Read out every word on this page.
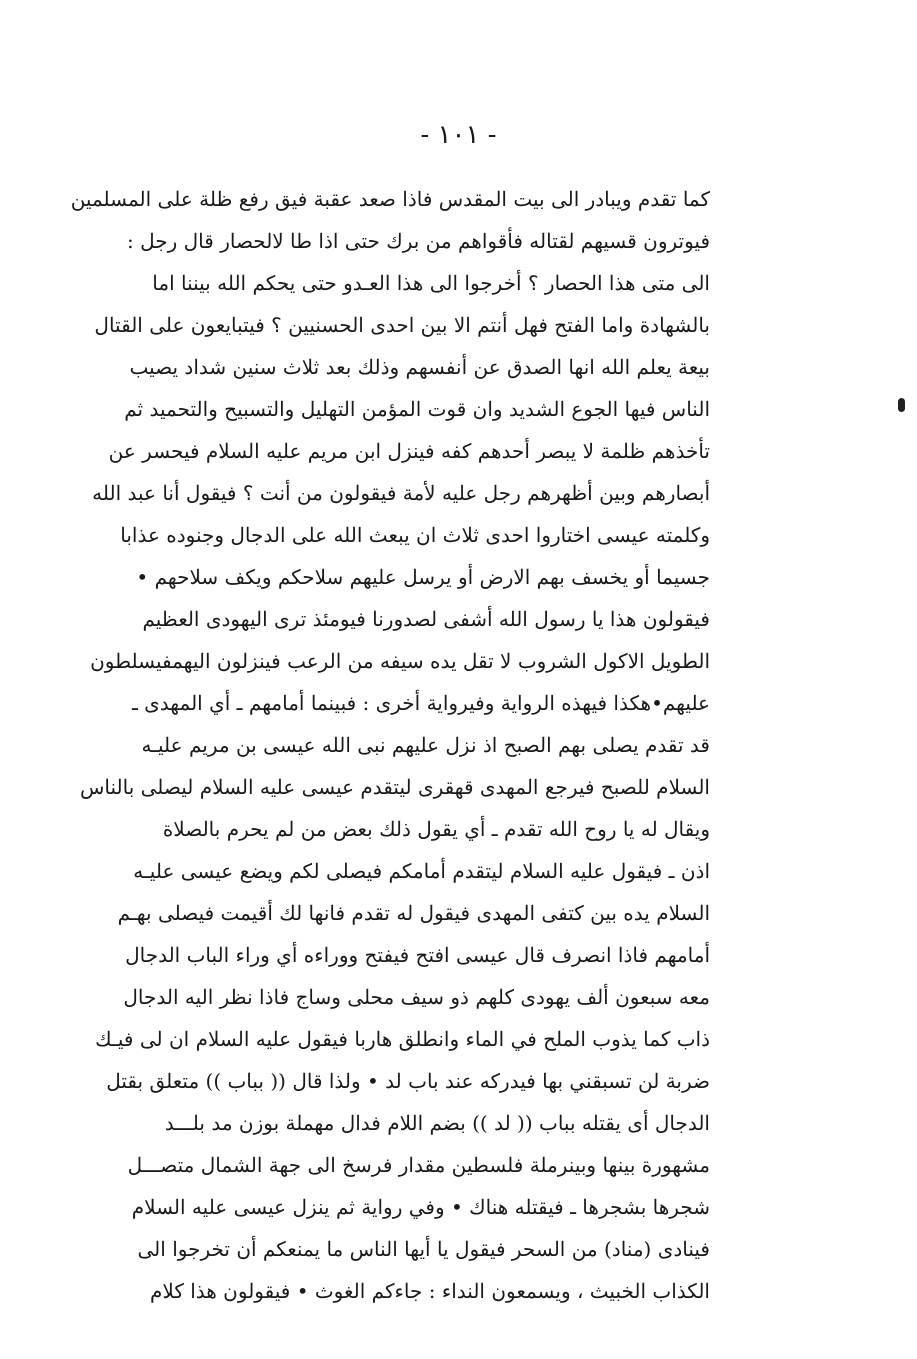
- ١٠١ -
كما تقدم ويبادر الى بيت المقدس فاذا صعد عقبة فيق رفع ظلة على المسلمين
فيوترون قسيهم لقتاله فأقواهم من برك حتى اذا طا لالحصار قال رجل :
الى متى هذا الحصار ؟ أخرجوا الى هذا العـدو حتى يحكم الله بيننا اما
بالشهادة واما الفتح فهل أنتم الا بين احدى الحسنيين ؟ فيتبايعون على القتال
بيعة يعلم الله انها الصدق عن أنفسهم وذلك بعد ثلاث سنين شداد يصيب
الناس فيها الجوع الشديد وان قوت المؤمن التهليل والتسبيح والتحميد ثم
تأخذهم ظلمة لا يبصر أحدهم كفه فينزل ابن مريم عليه السلام فيحسر عن
أبصارهم وبين أظهرهم رجل عليه لأمة فيقولون من أنت ؟ فيقول أنا عبد الله
وكلمته عيسى اختاروا احدى ثلاث ان يبعث الله على الدجال وجنوده عذابا
جسيما أو يخسف بهم الارض أو يرسل عليهم سلاحكم ويكف سلاحهم •
فيقولون هذا يا رسول الله أشفى لصدورنا فيومئذ ترى اليهودى العظيم
الطويل الاكول الشروب لا تقل يده سيفه من الرعب فينزلون اليهمفيسلطون
عليهم•هكذا فيهذه الرواية وفيرواية أخرى : فبينما أمامهم ـ أي المهدى ـ
قد تقدم يصلى بهم الصبح اذ نزل عليهم نبى الله عيسى بن مريم عليـه
السلام للصبح فيرجع المهدى قهقرى ليتقدم عيسى عليه السلام ليصلى بالناس
ويقال له يا روح الله تقدم ـ أي يقول ذلك بعض من لم يحرم بالصلاة
اذن ـ فيقول عليه السلام ليتقدم أمامكم فيصلى لكم ويضع عيسى عليـه
السلام يده بين كتفى المهدى فيقول له تقدم فانها لك أقيمت فيصلى بهـم
أمامهم فاذا انصرف قال عيسى افتح فيفتح ووراءه أي وراء الباب الدجال
معه سبعون ألف يهودى كلهم ذو سيف محلى وساج فاذا نظر اليه الدجال
ذاب كما يذوب الملح في الماء وانطلق هاربا فيقول عليه السلام ان لى فيـك
ضربة لن تسبقني بها فيدركه عند باب لد • ولذا قال (( بباب )) متعلق بقتل
الدجال أى يقتله بباب (( لد )) بضم اللام فدال مهملة بوزن مد بلـــد
مشهورة بينها وبينرملة فلسطين مقدار فرسخ الى جهة الشمال متصـــل
شجرها بشجرها ـ فيقتله هناك • وفي رواية ثم ينزل عيسى عليه السلام
فينادى (مناد) من السحر فيقول يا أيها الناس ما يمنعكم أن تخرجوا الى
الكذاب الخبيث ، ويسمعون النداء : جاءكم الغوث • فيقولون هذا كلام
